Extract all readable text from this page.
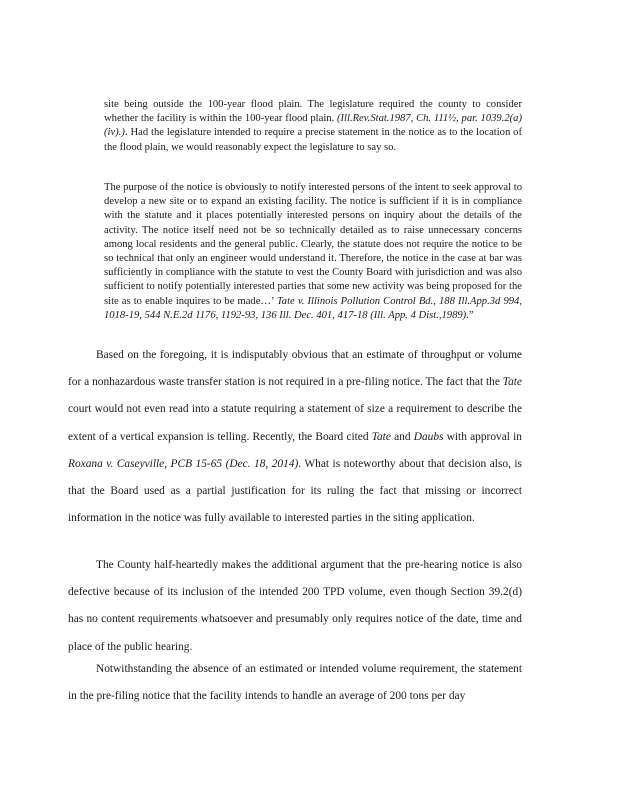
site being outside the 100-year flood plain. The legislature required the county to consider whether the facility is within the 100-year flood plain. (Ill.Rev.Stat.1987, Ch. 111½, par. 1039.2(a)(iv).). Had the legislature intended to require a precise statement in the notice as to the location of the flood plain, we would reasonably expect the legislature to say so.
The purpose of the notice is obviously to notify interested persons of the intent to seek approval to develop a new site or to expand an existing facility. The notice is sufficient if it is in compliance with the statute and it places potentially interested persons on inquiry about the details of the activity. The notice itself need not be so technically detailed as to raise unnecessary concerns among local residents and the general public. Clearly, the statute does not require the notice to be so technical that only an engineer would understand it. Therefore, the notice in the case at bar was sufficiently in compliance with the statute to vest the County Board with jurisdiction and was also sufficient to notify potentially interested parties that some new activity was being proposed for the site as to enable inquires to be made…’ Tate v. Illinois Pollution Control Bd., 188 Ill.App.3d 994, 1018-19, 544 N.E.2d 1176, 1192-93, 136 Ill. Dec. 401, 417-18 (Ill. App. 4 Dist.,1989).”
Based on the foregoing, it is indisputably obvious that an estimate of throughput or volume for a nonhazardous waste transfer station is not required in a pre-filing notice. The fact that the Tate court would not even read into a statute requiring a statement of size a requirement to describe the extent of a vertical expansion is telling. Recently, the Board cited Tate and Daubs with approval in Roxana v. Caseyville, PCB 15-65 (Dec. 18, 2014). What is noteworthy about that decision also, is that the Board used as a partial justification for its ruling the fact that missing or incorrect information in the notice was fully available to interested parties in the siting application.
The County half-heartedly makes the additional argument that the pre-hearing notice is also defective because of its inclusion of the intended 200 TPD volume, even though Section 39.2(d) has no content requirements whatsoever and presumably only requires notice of the date, time and place of the public hearing.
Notwithstanding the absence of an estimated or intended volume requirement, the statement in the pre-filing notice that the facility intends to handle an average of 200 tons per day
